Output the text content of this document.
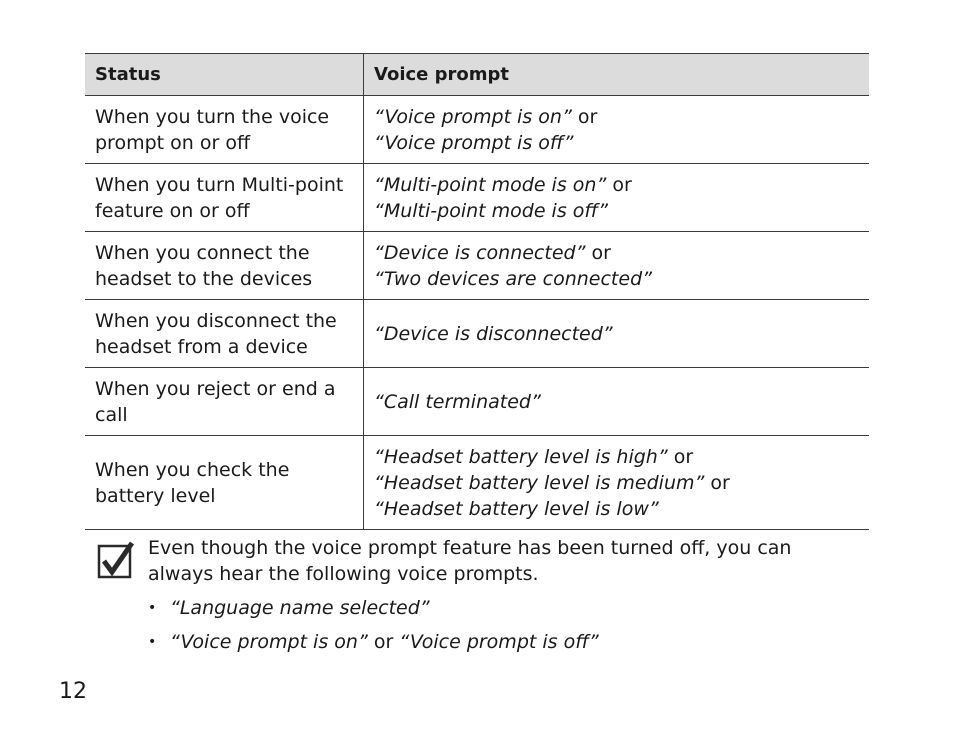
Status	Voice prompt
When you turn the voice prompt on or off	“Voice prompt is on” or
“Voice prompt is off”

When you turn Multi-point feature on or off	“Multi-point mode is on” or
“Multi-point mode is off”

When you connect the headset to the devices	“Device is connected” or
“Two devices are connected”

When you disconnect the headset from a device	“Device is disconnected”

When you reject or end a call	“Call terminated”

When you check the battery level	“Headset battery level is high” or
“Headset battery level is medium” or
“Headset battery level is low”
Even though the voice prompt feature has been turned off, you can always hear the following voice prompts.
• “Language name selected”
• “Voice prompt is on” or “Voice prompt is off”
12
